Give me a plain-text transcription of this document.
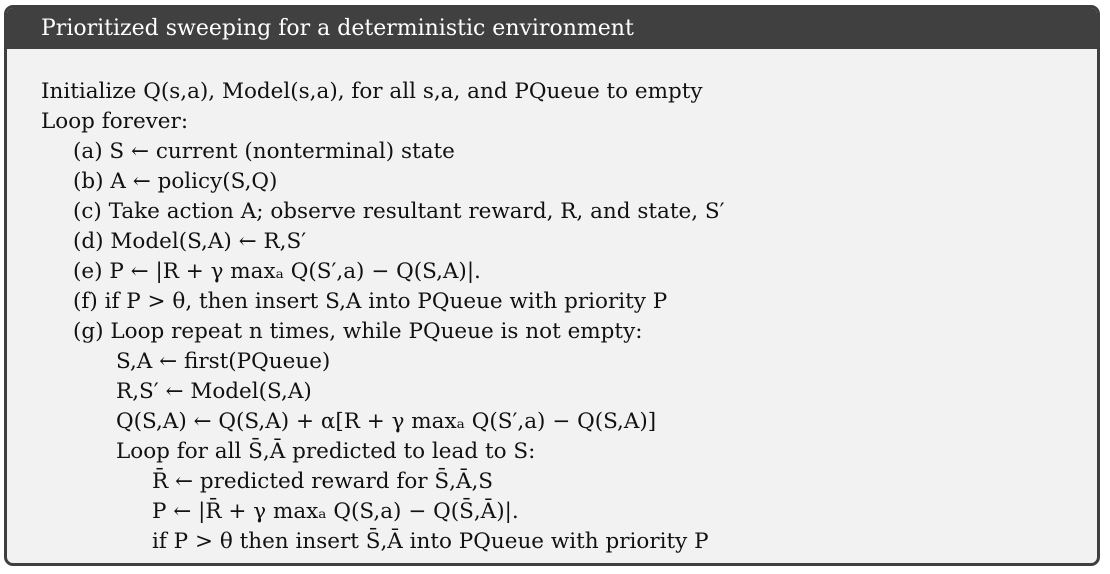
Prioritized sweeping for a deterministic environment
Initialize Q(s,a), Model(s,a), for all s,a, and PQueue to empty
Loop forever:
(a) S ← current (nonterminal) state
(b) A ← policy(S,Q)
(c) Take action A; observe resultant reward, R, and state, S′
(d) Model(S,A) ← R,S′
(e) P ← |R + γ maxₐ Q(S′,a) − Q(S,A)|.
(f) if P > θ, then insert S,A into PQueue with priority P
(g) Loop repeat n times, while PQueue is not empty:
S,A ← first(PQueue)
R,S′ ← Model(S,A)
Q(S,A) ← Q(S,A) + α[R + γ maxₐ Q(S′,a) − Q(S,A)]
Loop for all S̄,Ā predicted to lead to S:
R̄ ← predicted reward for S̄,Ā,S
P ← |R̄ + γ maxₐ Q(S,a) − Q(S̄,Ā)|.
if P > θ then insert S̄,Ā into PQueue with priority P
